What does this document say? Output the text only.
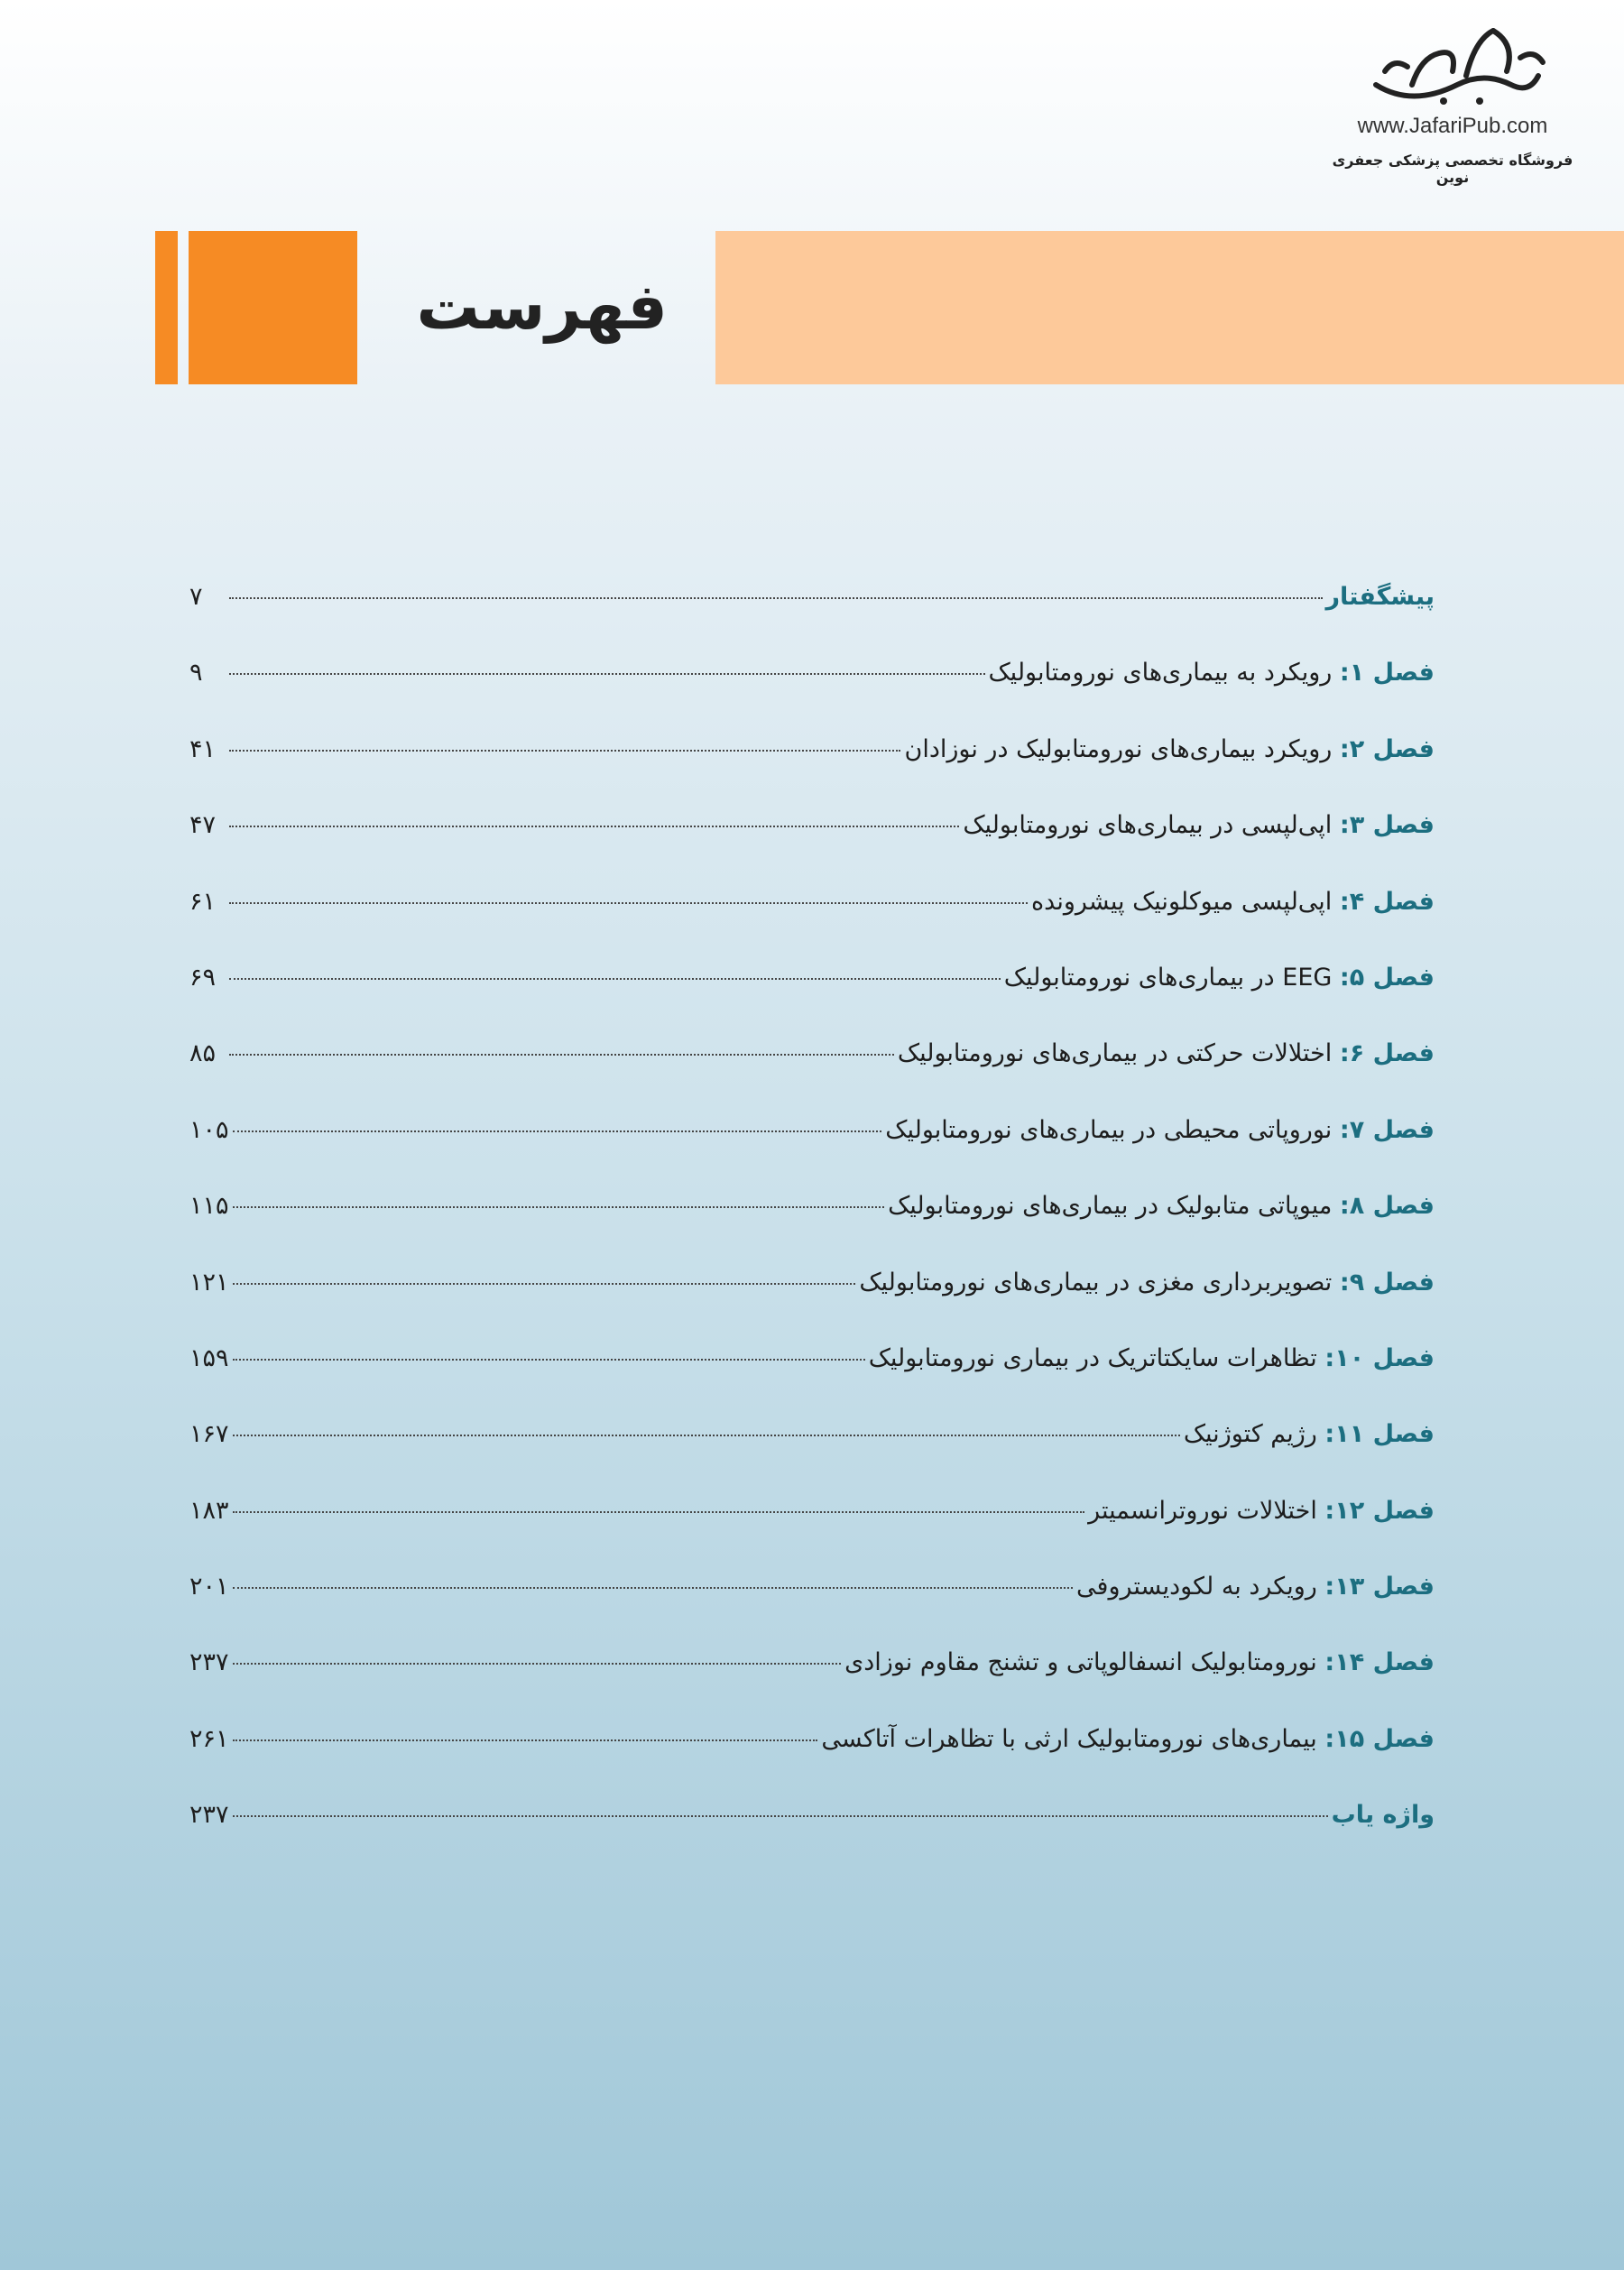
www.JafariPub.com
فروشگاه تخصصی پزشکی جعفری نوین
فهرست
پیشگفتار
۷
فصل ۱: رویکرد به بیماری‌های نورومتابولیک
۹
فصل ۲: رویکرد بیماری‌های نورومتابولیک در نوزادان
۴۱
فصل ۳: اپی‌لپسی در بیماری‌های نورومتابولیک
۴۷
فصل ۴: اپی‌لپسی میوکلونیک پیشرونده
۶۱
فصل ۵: EEG در بیماری‌های نورومتابولیک
۶۹
فصل ۶: اختلالات حرکتی در بیماری‌های نورومتابولیک
۸۵
فصل ۷: نوروپاتی محیطی در بیماری‌های نورومتابولیک
۱۰۵
فصل ۸: میوپاتی متابولیک در بیماری‌های نورومتابولیک
۱۱۵
فصل ۹: تصویربرداری مغزی در بیماری‌های نورومتابولیک
۱۲۱
فصل ۱۰: تظاهرات سایکتاتریک در بیماری نورومتابولیک
۱۵۹
فصل ۱۱: رژیم کتوژنیک
۱۶۷
فصل ۱۲: اختلالات نوروترانسمیتر
۱۸۳
فصل ۱۳: رویکرد به لکودیستروفی
۲۰۱
فصل ۱۴: نورومتابولیک انسفالوپاتی و تشنج مقاوم نوزادی
۲۳۷
فصل ۱۵: بیماری‌های نورومتابولیک ارثی با تظاهرات آتاکسی
۲۶۱
واژه یاب
۲۳۷
